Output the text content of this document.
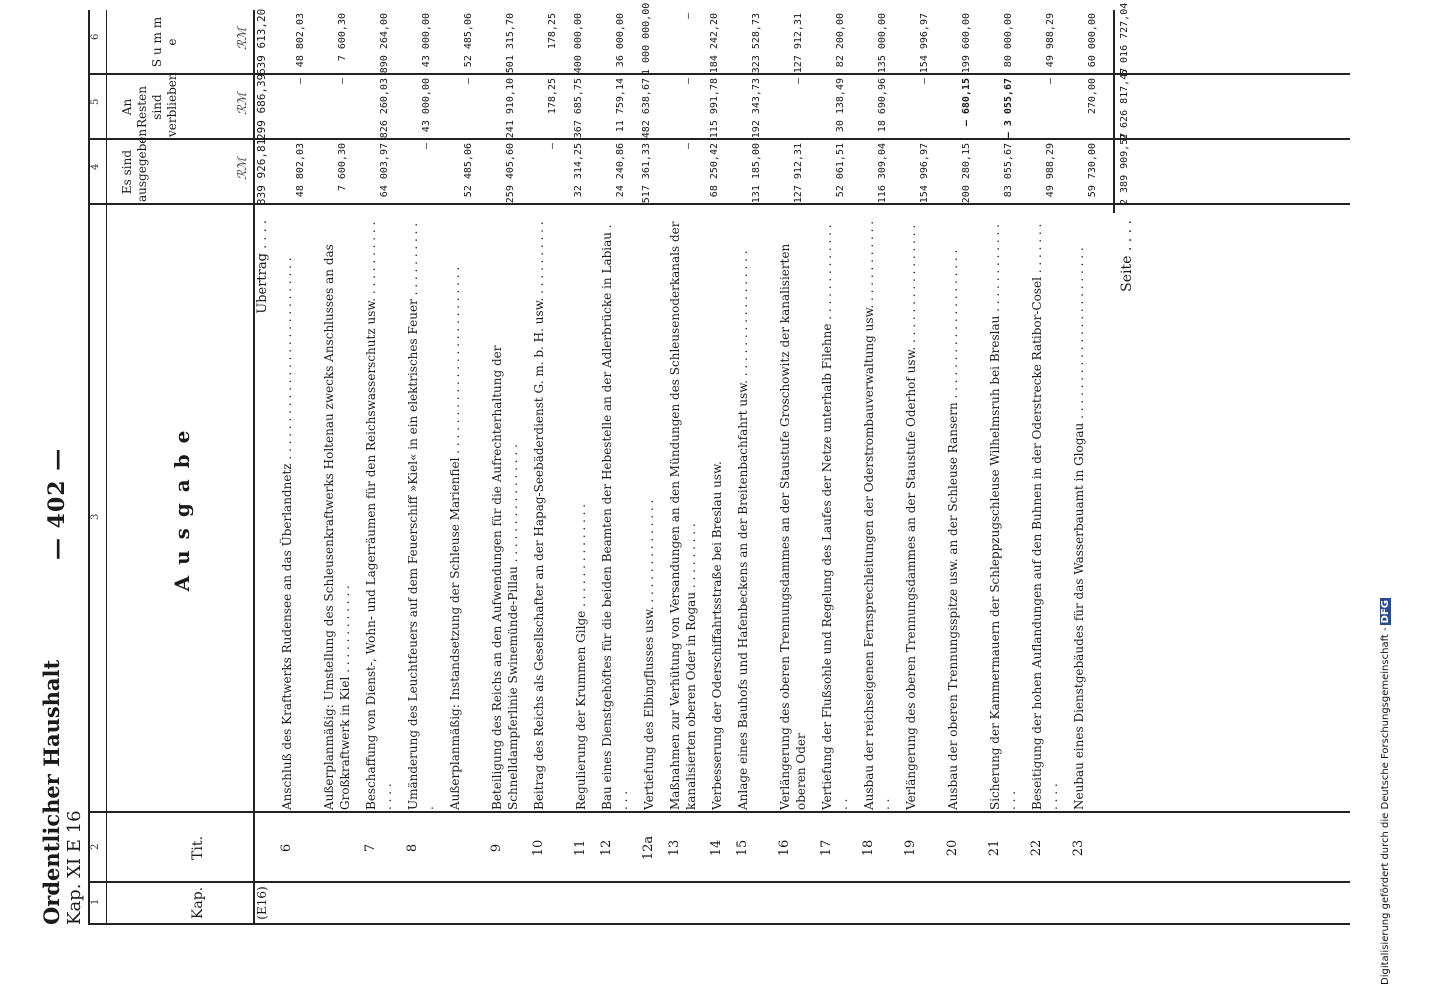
Ordentlicher Haushalt Kap. XI E 16
— 402 —
1
2
3
4
5
6
Kap.
Tit.
A u s g a b e
Es sind ausgegeben
An Resten sind verblieben
S u m m e
ℛℳ
ℛℳ
ℛℳ
(E16)
Übertrag . . . .
339 926,81
299 686,39
639 613,20
6
Anschluß des Kraftwerks Rudensee an das Überlandnetz . . . . . . . . . . . . . . . . . . . . . . . . . . .
48 802,03
—
48 802,03
Außerplanmäßig: Umstellung des Schleusenkraftwerks Holtenau zwecks Anschlusses an das Großkraftwerk in Kiel . . . . . . . . . . . .
7 600,30
—
7 600,30
7
Beschaffung von Dienst-, Wohn- und Lagerräumen für den Reichswasserschutz usw. . . . . . . . . . . . . . .
64 003,97
826 260,03
890 264,00
8
Umänderung des Leuchtfeuers auf dem Feuerschiff »Kiel« in ein elektrisches Feuer . . . . . . . . . . .
—
43 000,00
43 000,00
Außerplanmäßig: Instandsetzung der Schleuse Marienfiel . . . . . . . . . . . . . . . . . . . . . . . . .
52 485,06
—
52 485,06
9
Beteiligung des Reichs an den Aufwendungen für die Aufrechterhaltung der Schnelldampferlinie Swinemünde-Pillau . . . . . . . . . . . . . . . .
259 405,60
241 910,10
501 315,70
10
Beitrag des Reichs als Gesellschafter an der Hapag-Seebäderdienst G. m. b. H. usw. . . . . . . . . . .
—
178,25
178,25
11
Regulierung der Krummen Gilge . . . . . . . . . . . . . .
32 314,25
367 685,75
400 000,00
12
Bau eines Dienstgehöftes für die beiden Beamten der Hebestelle an der Adlerbrücke in Labiau . . . .
24 240,86
11 759,14
36 000,00
12a
Vertiefung des Elbingflusses usw. . . . . . . . . . . . . . .
517 361,33
482 638,67
1 000 000,00
13
Maßnahmen zur Verhütung von Versandungen an den Mündungen des Schleusenoderkanals der kanalisierten oberen Oder in Rogau . . . . . . . . .
—
—
—
14
Verbesserung der Oderschiffahrtsstraße bei Breslau usw.
68 250,42
115 991,78
184 242,20
15
Anlage eines Bauhofs und Hafenbeckens an der Breitenbachfahrt usw. . . . . . . . . . . . . . . . . .
131 185,00
192 343,73
323 528,73
16
Verlängerung des oberen Trennungsdammes an der Staustufe Groschowitz der kanalisierten oberen Oder
127 912,31
—
127 912,31
17
Vertiefung der Flußsohle und Regelung des Laufes der Netze unterhalb Filehne . . . . . . . . . . . . . . .
52 061,51
30 138,49
82 200,00
18
Ausbau der reichseigenen Fernsprechleitungen der Oderstrombauverwaltung usw. . . . . . . . . . . . . .
116 309,04
18 690,96
135 000,00
19
Verlängerung des oberen Trennungsdammes an der Staustufe Oderhof usw. . . . . . . . . . . . . . . . .
154 996,97
—
154 996,97
20
Ausbau der oberen Trennungsspitze usw. an der Schleuse Ransern . . . . . . . . . . . . . . . . . . . .
200 280,15
— 680,15
199 600,00
21
Sicherung der Kammermauern der Schleppzugschleuse Wilhelmsruh bei Breslau . . . . . . . . . . . . . . .
83 055,67
— 3 055,67
80 000,00
22
Beseitigung der hohen Auflandungen auf den Buhnen in der Oderstrecke Ratibor-Cosel . . . . . . . . . . .
49 988,29
—
49 988,29
23
Neubau eines Dienstgebäudes für das Wasserbauamt in Glogau . . . . . . . . . . . . . . . . . . . . . . .
59 730,00
270,00
60 000,00
Seite . . . .
2 389 909,57
2 626 817,47
5 016 727,04
Digitalisierung gefördert durch die Deutsche Forschungsgemeinschaft -DFG
